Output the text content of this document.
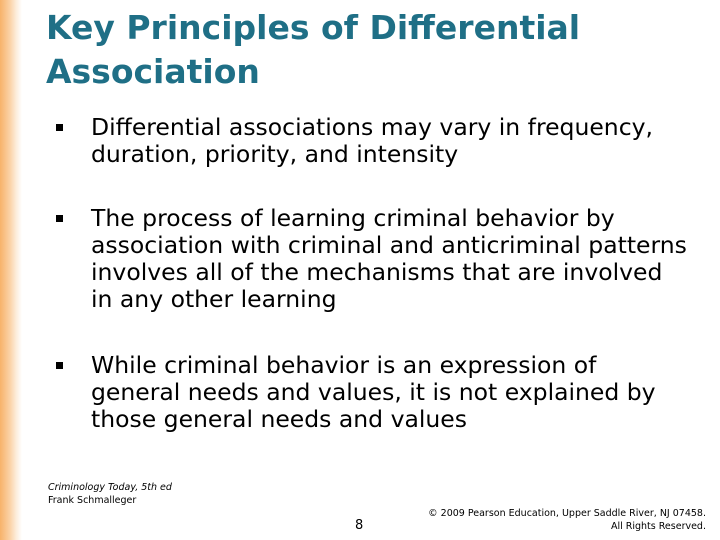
Key Principles of Differential Association
Differential associations may vary in frequency, duration, priority, and intensity
The process of learning criminal behavior by association with criminal and anticriminal patterns involves all of the mechanisms that are involved in any other learning
While criminal behavior is an expression of general needs and values, it is not explained by those general needs and values
Criminology Today, 5th ed
Frank Schmalleger
8
© 2009 Pearson Education, Upper Saddle River, NJ 07458.
All Rights Reserved.
